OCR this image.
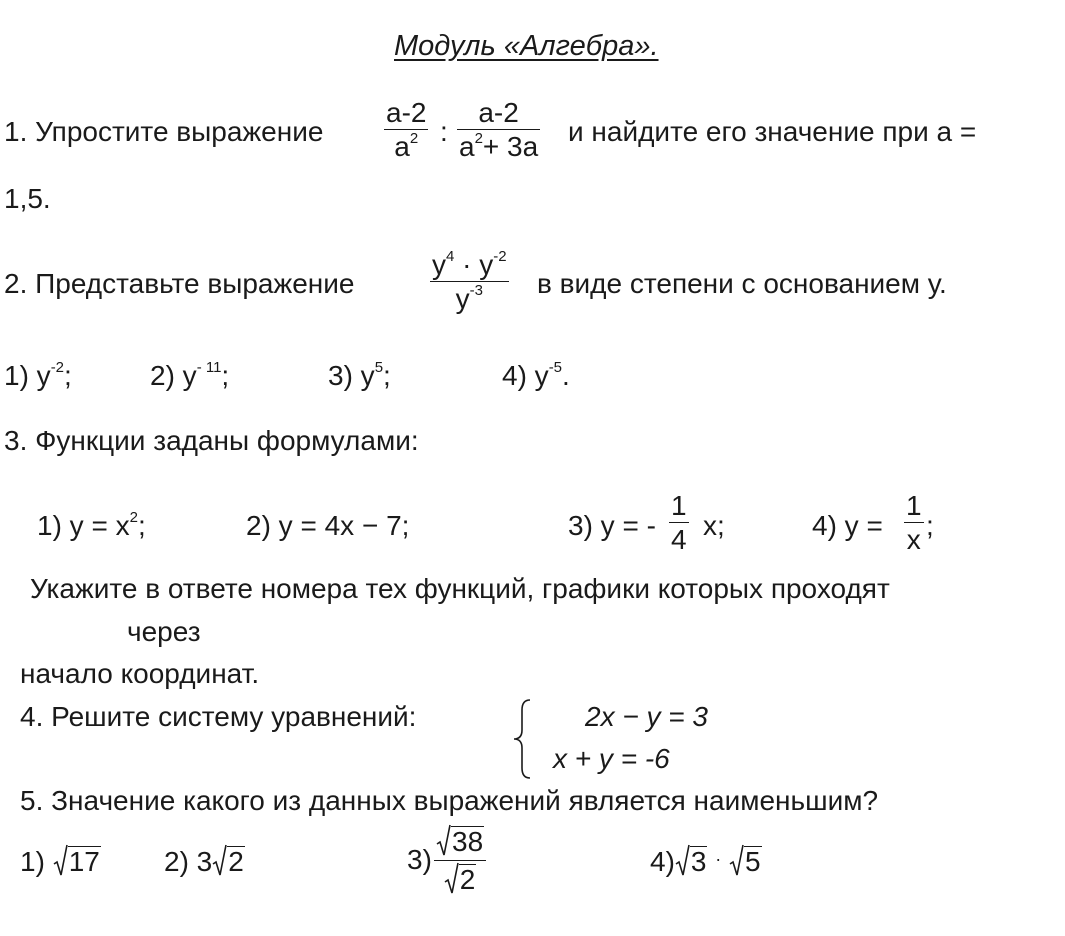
Модуль «Алгебра».
1. Упростите выражение
a-2
$a^2$ :
a-2
$a^2+ 3a$ и найдите его значение при а =
1,5.
2. Представьте выражение
$y^4 \cdot y^{-2}$
$y^{-3}$	в виде степени с основанием у.
1) $y^{-2}$;	2) $y^{- 11}$;	3) $y^5$;	4) $y^{-5}$.
3. Функции заданы формулами:
1) $y = x^2$;	2) y = 4x − 7;	3) y = -
1
4 x;	4) y =
1
x ;
Укажите в ответе номера тех функций, графики которых проходят
через
начало координат.
4. Решите систему уравнений:	2x − y = 3
x + y = -6
5. Значение какого из данных выражений является наименьшим?
1) 17 2) 3 2	3)
38
2
4) 3 · 5
